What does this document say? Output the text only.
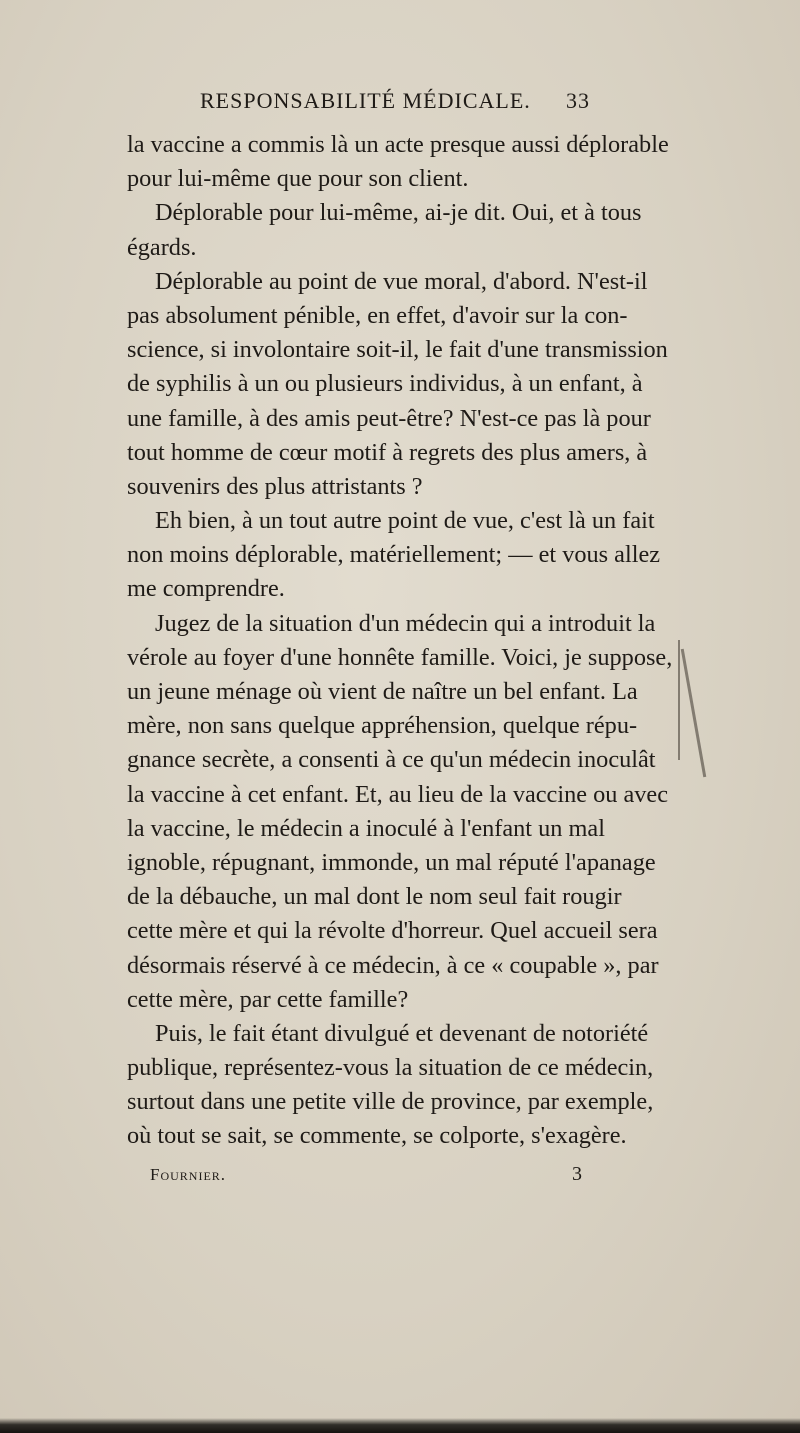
RESPONSABILITÉ MÉDICALE. 33
la vaccine a commis là un acte presque aussi déplorable
pour lui-même que pour son client.
Déplorable pour lui-même, ai-je dit. Oui, et à tous
égards.
Déplorable au point de vue moral, d'abord. N'est-il
pas absolument pénible, en effet, d'avoir sur la con-
science, si involontaire soit-il, le fait d'une transmission
de syphilis à un ou plusieurs individus, à un enfant, à
une famille, à des amis peut-être? N'est-ce pas là pour
tout homme de cœur motif à regrets des plus amers, à
souvenirs des plus attristants ?
Eh bien, à un tout autre point de vue, c'est là un fait
non moins déplorable, matériellement; — et vous allez
me comprendre.
Jugez de la situation d'un médecin qui a introduit la
vérole au foyer d'une honnête famille. Voici, je suppose,
un jeune ménage où vient de naître un bel enfant. La
mère, non sans quelque appréhension, quelque répu-
gnance secrète, a consenti à ce qu'un médecin inoculât
la vaccine à cet enfant. Et, au lieu de la vaccine ou avec
la vaccine, le médecin a inoculé à l'enfant un mal
ignoble, répugnant, immonde, un mal réputé l'apanage
de la débauche, un mal dont le nom seul fait rougir
cette mère et qui la révolte d'horreur. Quel accueil sera
désormais réservé à ce médecin, à ce « coupable », par
cette mère, par cette famille?
Puis, le fait étant divulgué et devenant de notoriété
publique, représentez-vous la situation de ce médecin,
surtout dans une petite ville de province, par exemple,
où tout se sait, se commente, se colporte, s'exagère.
Fournier.	3
